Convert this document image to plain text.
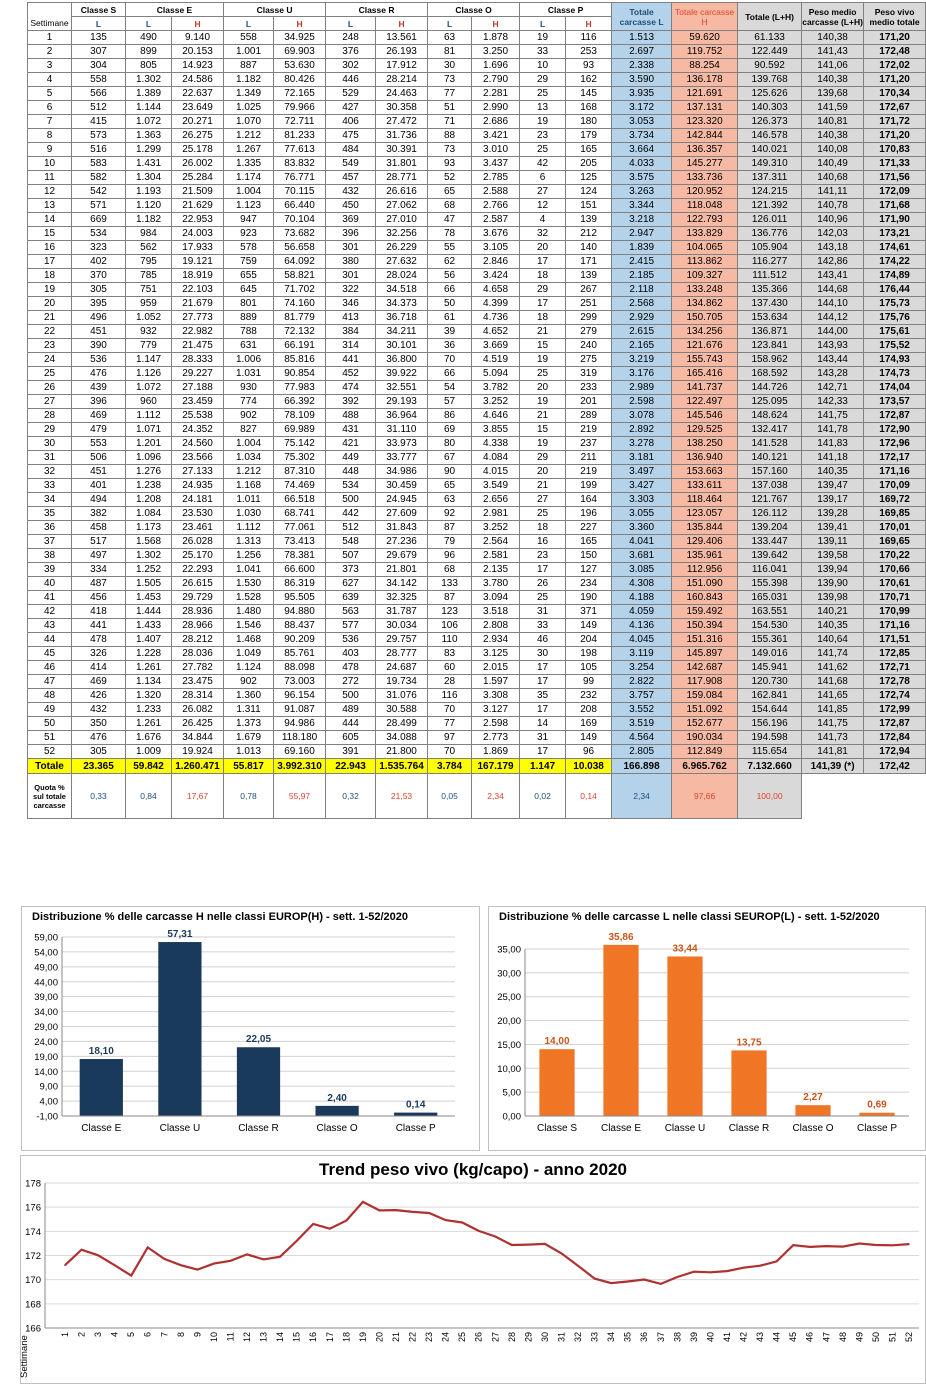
	Classe S	Classe E		Classe U		Classe R		Classe O		Classe P		Totale carcasse L	Totale carcasse H	Totale (L+H)	Peso medio carcasse (L+H)	Peso vivo medio totale
Settimane	L	L	H	L	H	L	H	L	H	L	H					
1	135	490	9.140	558	34.925	248	13.561	63	1.878	19	116	1.513	59.620	61.133	140,38	171,20
2	307	899	20.153	1.001	69.903	376	26.193	81	3.250	33	253	2.697	119.752	122.449	141,43	172,48
3	304	805	14.923	887	53.630	302	17.912	30	1.696	10	93	2.338	88.254	90.592	141,06	172,02
4	558	1.302	24.586	1.182	80.426	446	28.214	73	2.790	29	162	3.590	136.178	139.768	140,38	171,20
5	566	1.389	22.637	1.349	72.165	529	24.463	77	2.281	25	145	3.935	121.691	125.626	139,68	170,34
6	512	1.144	23.649	1.025	79.966	427	30.358	51	2.990	13	168	3.172	137.131	140.303	141,59	172,67
7	415	1.072	20.271	1.070	72.711	406	27.472	71	2.686	19	180	3.053	123.320	126.373	140,81	171,72
8	573	1.363	26.275	1.212	81.233	475	31.736	88	3.421	23	179	3.734	142.844	146.578	140,38	171,20
9	516	1.299	25.178	1.267	77.613	484	30.391	73	3.010	25	165	3.664	136.357	140.021	140,08	170,83
10	583	1.431	26.002	1.335	83.832	549	31.801	93	3.437	42	205	4.033	145.277	149.310	140,49	171,33
11	582	1.304	25.284	1.174	76.771	457	28.771	52	2.785	6	125	3.575	133.736	137.311	140,68	171,56
12	542	1.193	21.509	1.004	70.115	432	26.616	65	2.588	27	124	3.263	120.952	124.215	141,11	172,09
13	571	1.120	21.629	1.123	66.440	450	27.062	68	2.766	12	151	3.344	118.048	121.392	140,78	171,68
14	669	1.182	22.953	947	70.104	369	27.010	47	2.587	4	139	3.218	122.793	126.011	140,96	171,90
15	534	984	24.003	923	73.682	396	32.256	78	3.676	32	212	2.947	133.829	136.776	142,03	173,21
16	323	562	17.933	578	56.658	301	26.229	55	3.105	20	140	1.839	104.065	105.904	143,18	174,61
17	402	795	19.121	759	64.092	380	27.632	62	2.846	17	171	2.415	113.862	116.277	142,86	174,22
18	370	785	18.919	655	58.821	301	28.024	56	3.424	18	139	2.185	109.327	111.512	143,41	174,89
19	305	751	22.103	645	71.702	322	34.518	66	4.658	29	267	2.118	133.248	135.366	144,68	176,44
20	395	959	21.679	801	74.160	346	34.373	50	4.399	17	251	2.568	134.862	137.430	144,10	175,73
21	496	1.052	27.773	889	81.779	413	36.718	61	4.736	18	299	2.929	150.705	153.634	144,12	175,76
22	451	932	22.982	788	72.132	384	34.211	39	4.652	21	279	2.615	134.256	136.871	144,00	175,61
23	390	779	21.475	631	66.191	314	30.101	36	3.669	15	240	2.165	121.676	123.841	143,93	175,52
24	536	1.147	28.333	1.006	85.816	441	36.800	70	4.519	19	275	3.219	155.743	158.962	143,44	174,93
25	476	1.126	29.227	1.031	90.854	452	39.922	66	5.094	25	319	3.176	165.416	168.592	143,28	174,73
26	439	1.072	27.188	930	77.983	474	32.551	54	3.782	20	233	2.989	141.737	144.726	142,71	174,04
27	396	960	23.459	774	66.392	392	29.193	57	3.252	19	201	2.598	122.497	125.095	142,33	173,57
28	469	1.112	25.538	902	78.109	488	36.964	86	4.646	21	289	3.078	145.546	148.624	141,75	172,87
29	479	1.071	24.352	827	69.989	431	31.110	69	3.855	15	219	2.892	129.525	132.417	141,78	172,90
30	553	1.201	24.560	1.004	75.142	421	33.973	80	4.338	19	237	3.278	138.250	141.528	141,83	172,96
31	506	1.096	23.566	1.034	75.302	449	33.777	67	4.084	29	211	3.181	136.940	140.121	141,18	172,17
32	451	1.276	27.133	1.212	87.310	448	34.986	90	4.015	20	219	3.497	153.663	157.160	140,35	171,16
33	401	1.238	24.935	1.168	74.469	534	30.459	65	3.549	21	199	3.427	133.611	137.038	139,47	170,09
34	494	1.208	24.181	1.011	66.518	500	24.945	63	2.656	27	164	3.303	118.464	121.767	139,17	169,72
35	382	1.084	23.530	1.030	68.741	442	27.609	92	2.981	25	196	3.055	123.057	126.112	139,28	169,85
36	458	1.173	23.461	1.112	77.061	512	31.843	87	3.252	18	227	3.360	135.844	139.204	139,41	170,01
37	517	1.568	26.028	1.313	73.413	548	27.236	79	2.564	16	165	4.041	129.406	133.447	139,11	169,65
38	497	1.302	25.170	1.256	78.381	507	29.679	96	2.581	23	150	3.681	135.961	139.642	139,58	170,22
39	334	1.252	22.293	1.041	66.600	373	21.801	68	2.135	17	127	3.085	112.956	116.041	139,94	170,66
40	487	1.505	26.615	1.530	86.319	627	34.142	133	3.780	26	234	4.308	151.090	155.398	139,90	170,61
41	456	1.453	29.729	1.528	95.505	639	32.325	87	3.094	25	190	4.188	160.843	165.031	139,98	170,71
42	418	1.444	28.936	1.480	94.880	563	31.787	123	3.518	31	371	4.059	159.492	163.551	140,21	170,99
43	441	1.433	28.966	1.546	88.437	577	30.034	106	2.808	33	149	4.136	150.394	154.530	140,35	171,16
44	478	1.407	28.212	1.468	90.209	536	29.757	110	2.934	46	204	4.045	151.316	155.361	140,64	171,51
45	326	1.228	28.036	1.049	85.761	403	28.777	83	3.125	30	198	3.119	145.897	149.016	141,74	172,85
46	414	1.261	27.782	1.124	88.098	478	24.687	60	2.015	17	105	3.254	142.687	145.941	141,62	172,71
47	469	1.134	23.475	902	73.003	272	19.734	28	1.597	17	99	2.822	117.908	120.730	141,68	172,78
48	426	1.320	28.314	1.360	96.154	500	31.076	116	3.308	35	232	3.757	159.084	162.841	141,65	172,74
49	432	1.233	26.082	1.311	91.087	489	30.588	70	3.127	17	208	3.552	151.092	154.644	141,85	172,99
50	350	1.261	26.425	1.373	94.986	444	28.499	77	2.598	14	169	3.519	152.677	156.196	141,75	172,87
51	476	1.676	34.844	1.679	118.180	605	34.088	97	2.773	31	149	4.564	190.034	194.598	141,73	172,84
52	305	1.009	19.924	1.013	69.160	391	21.800	70	1.869	17	96	2.805	112.849	115.654	141,81	172,94
Totale	23.365	59.842	1.260.471	55.817	3.992.310	22.943	1.535.764	3.784	167.179	1.147	10.038	166.898	6.965.762	7.132.660	141,39 (*)	172,42
Quota % sul totale carcasse	0,33	0,84	17,67	0,78	55,97	0,32	21,53	0,05	2,34	0,02	0,14	2,34	97,66	100,00		
Distribuzione % delle carcasse H nelle classi EUROP(H) - sett. 1-52/2020
59,00
54,00
49,00
44,00
39,00
34,00
29,00
24,00
19,00
14,00
9,00
4,00
-1,00
18,10
Classe E
57,31
Classe U
22,05
Classe R
2,40
Classe O
0,14
Classe P
Distribuzione % delle carcasse L nelle classi SEUROP(L) - sett. 1-52/2020
35,00
30,00
25,00
20,00
15,00
10,00
5,00
0,00
14,00
Classe S
35,86
Classe E
33,44
Classe U
13,75
Classe R
2,27
Classe O
0,69
Classe P
Trend peso vivo (kg/capo) - anno 2020
178
176
174
172
170
168
166
1 2 3 4 5 6 7 8 9 10 11 12 13 14 15 16 17 18 19 20 21 22 23 24 25 26 27 28 29 30 31 32 33 34 35 36 37 38 39 40 41 42 43 44 45 46 47 48 49 50 51 52
Settimane
